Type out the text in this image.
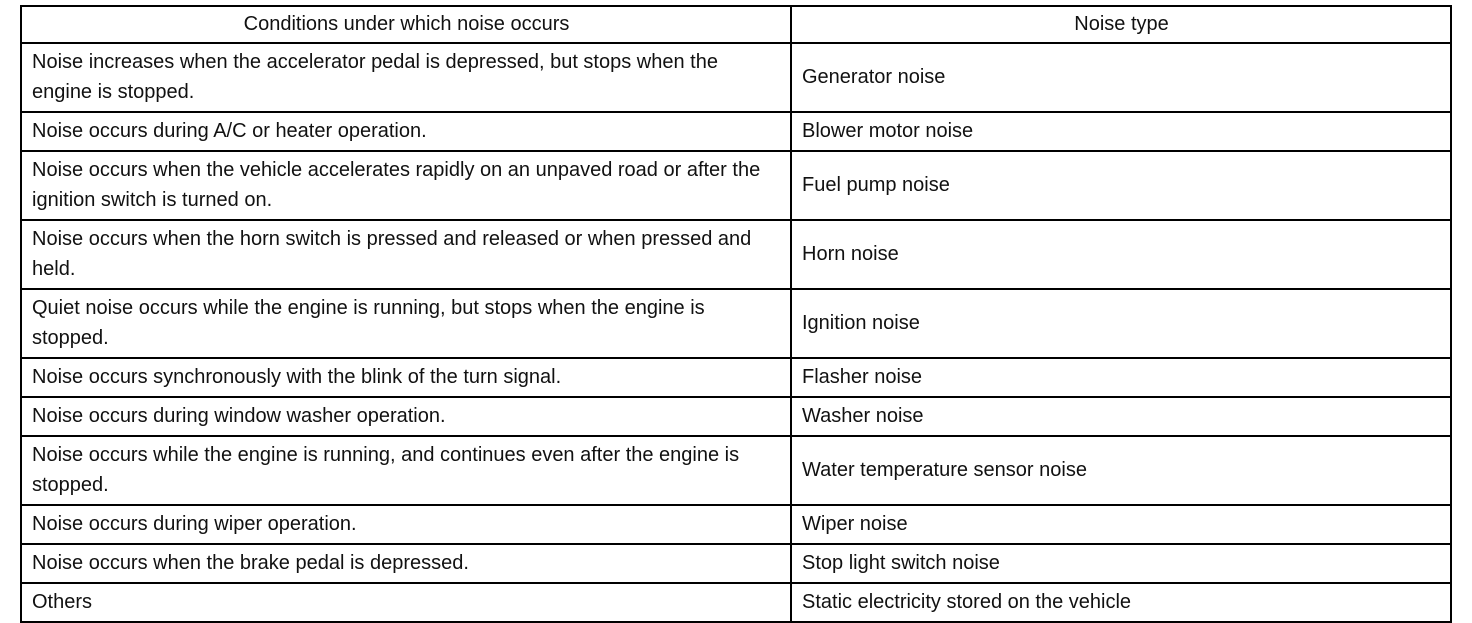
Conditions under which noise occurs	Noise type
Noise increases when the accelerator pedal is depressed, but stops when the engine is stopped.	Generator noise
Noise occurs during A/C or heater operation.	Blower motor noise
Noise occurs when the vehicle accelerates rapidly on an unpaved road or after the ignition switch is turned on.	Fuel pump noise
Noise occurs when the horn switch is pressed and released or when pressed and held.	Horn noise
Quiet noise occurs while the engine is running, but stops when the engine is stopped.	Ignition noise
Noise occurs synchronously with the blink of the turn signal.	Flasher noise
Noise occurs during window washer operation.	Washer noise
Noise occurs while the engine is running, and continues even after the engine is stopped.	Water temperature sensor noise
Noise occurs during wiper operation.	Wiper noise
Noise occurs when the brake pedal is depressed.	Stop light switch noise
Others	Static electricity stored on the vehicle
